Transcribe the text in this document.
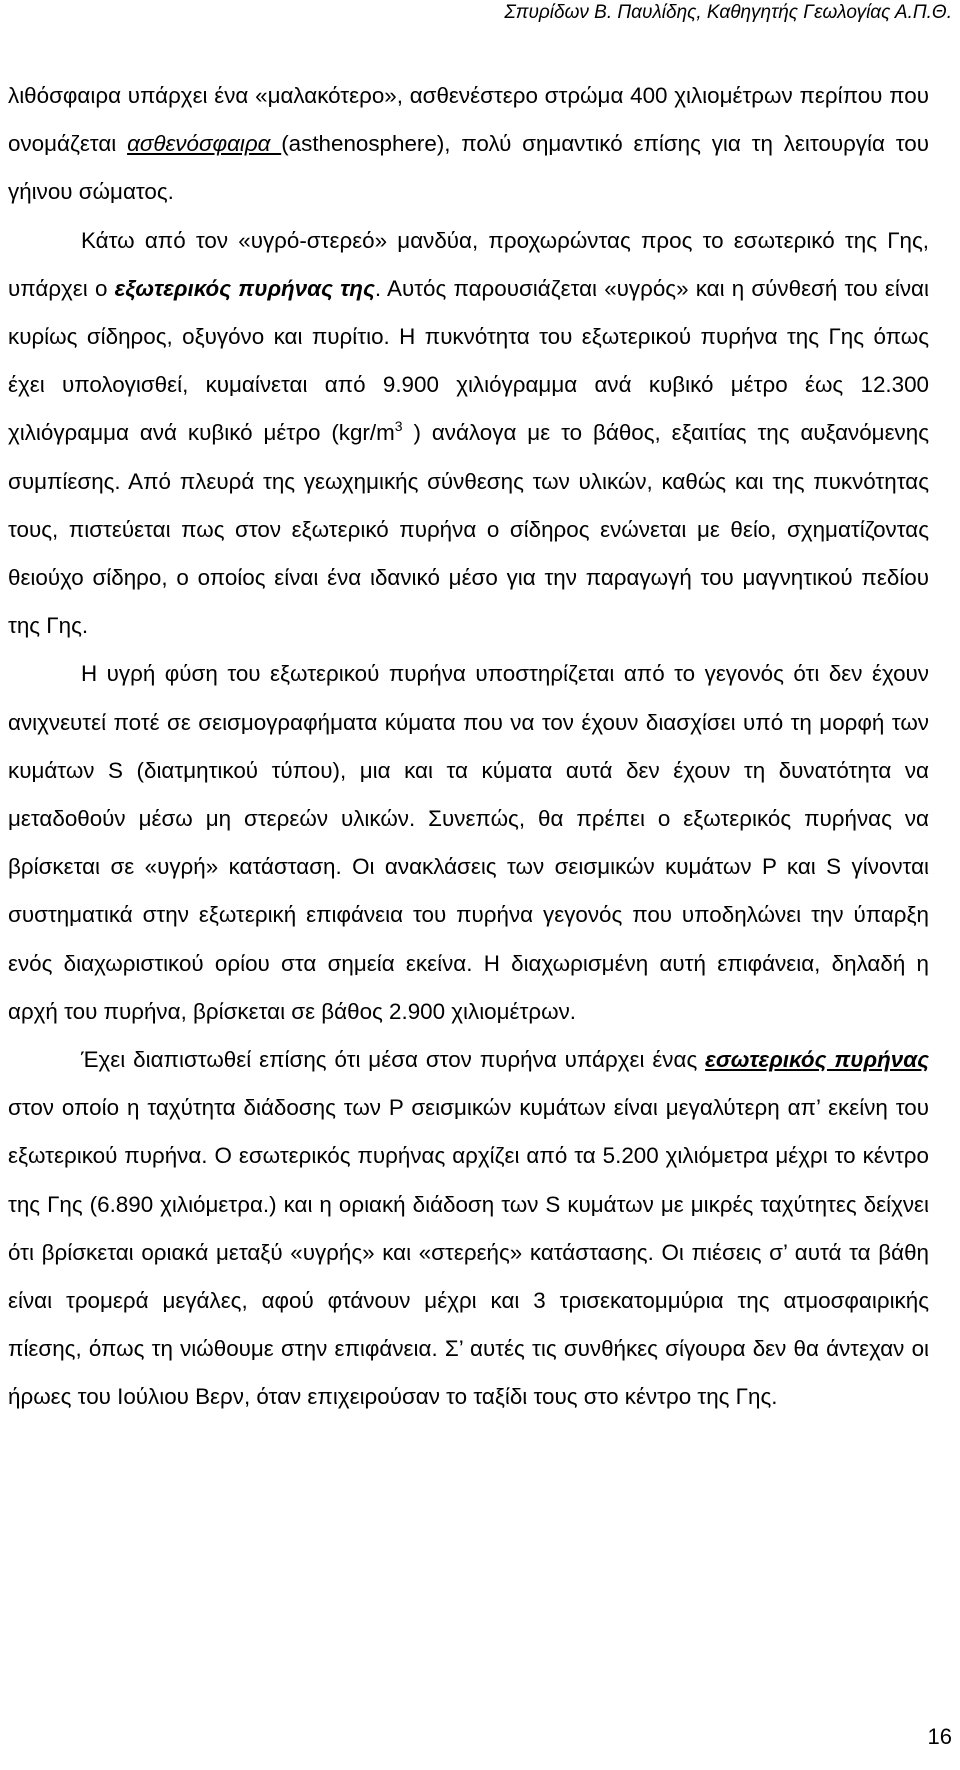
Σπυρίδων Β. Παυλίδης, Καθηγητής Γεωλογίας Α.Π.Θ.

λιθόσφαιρα υπάρχει ένα «μαλακότερο», ασθενέστερο στρώμα 400 χιλιομέτρων περίπου που ονομάζεται ασθενόσφαιρα (asthenosphere), πολύ σημαντικό επίσης για τη λειτουργία του γήινου σώματος.

Κάτω από τον «υγρό-στερεό» μανδύα, προχωρώντας προς το εσωτερικό της Γης, υπάρχει ο εξωτερικός πυρήνας της. Αυτός παρουσιάζεται «υγρός» και η σύνθεσή του είναι κυρίως σίδηρος, οξυγόνο και πυρίτιο. Η πυκνότητα του εξωτερικού πυρήνα της Γης όπως έχει υπολογισθεί, κυμαίνεται από 9.900 χιλιόγραμμα ανά κυβικό μέτρο έως 12.300 χιλιόγραμμα ανά κυβικό μέτρο ($kgr/m^3$ ) ανάλογα με το βάθος, εξαιτίας της αυξανόμενης συμπίεσης. Από πλευρά της γεωχημικής σύνθεσης των υλικών, καθώς και της πυκνότητας τους, πιστεύεται πως στον εξωτερικό πυρήνα ο σίδηρος ενώνεται με θείο, σχηματίζοντας θειούχο σίδηρο, ο οποίος είναι ένα ιδανικό μέσο για την παραγωγή του μαγνητικού πεδίου της Γης.

Η υγρή φύση του εξωτερικού πυρήνα υποστηρίζεται από το γεγονός ότι δεν έχουν ανιχνευτεί ποτέ σε σεισμογραφήματα κύματα που να τον έχουν διασχίσει υπό τη μορφή των κυμάτων S (διατμητικού τύπου), μια και τα κύματα αυτά δεν έχουν τη δυνατότητα να μεταδοθούν μέσω μη στερεών υλικών. Συνεπώς, θα πρέπει ο εξωτερικός πυρήνας να βρίσκεται σε «υγρή» κατάσταση. Οι ανακλάσεις των σεισμικών κυμάτων P και S γίνονται συστηματικά στην εξωτερική επιφάνεια του πυρήνα γεγονός που υποδηλώνει την ύπαρξη ενός διαχωριστικού ορίου στα σημεία εκείνα. Η διαχωρισμένη αυτή επιφάνεια, δηλαδή η αρχή του πυρήνα, βρίσκεται σε βάθος 2.900 χιλιομέτρων.

Έχει διαπιστωθεί επίσης ότι μέσα στον πυρήνα υπάρχει ένας εσωτερικός πυρήνας στον οποίο η ταχύτητα διάδοσης των P σεισμικών κυμάτων είναι μεγαλύτερη απ’ εκείνη του εξωτερικού πυρήνα. Ο εσωτερικός πυρήνας αρχίζει από τα 5.200 χιλιόμετρα μέχρι το κέντρο της Γης (6.890 χιλιόμετρα.) και η οριακή διάδοση των S κυμάτων με μικρές ταχύτητες δείχνει ότι βρίσκεται οριακά μεταξύ «υγρής» και «στερεής» κατάστασης. Οι πιέσεις σ’ αυτά τα βάθη είναι τρομερά μεγάλες, αφού φτάνουν μέχρι και 3 τρισεκατομμύρια της ατμοσφαιρικής πίεσης, όπως τη νιώθουμε στην επιφάνεια. Σ’ αυτές τις συνθήκες σίγουρα δεν θα άντεχαν οι ήρωες του Ιούλιου Βερν, όταν επιχειρούσαν το ταξίδι τους στο κέντρο της Γης.

16
